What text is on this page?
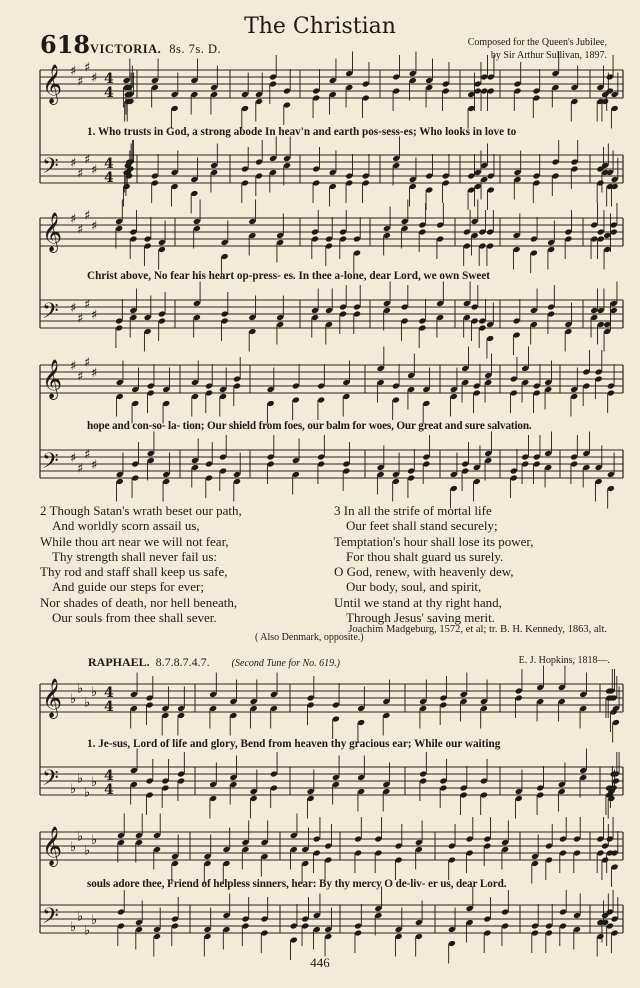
The Christian
618 VICTORIA. 8s. 7s. D.	Composed for the Queen's Jubilee,
by Sir Arthur Sullivan, 1897.
𝄞 ♯
♯
♯
♯ 4
4
𝄢 ♯
♯
♯
♯ 4
4
𝄞 ♯
♯
♯
♯
𝄢 ♯
♯
♯
♯
𝄞 ♯
♯
♯
♯
𝄢 ♯
♯
♯
♯
𝄞 ♭
♭
♭
♭ 4
4
𝄢 ♭
♭
♭
♭ 4
4
𝄞 ♭
♭
♭
♭
𝄢 ♭
♭
♭
♭
1. Who trusts in God, a strong abode In heav'n and earth pos-sess-es; Who looks in love to
Christ above, No fear his heart op-press- es. In thee a-lone, dear Lord, we own Sweet
hope and con-so- la- tion; Our shield from foes, our balm for woes, Our great and sure salvation.
2 Though Satan's wrath beset our path,
And worldly scorn assail us,
While thou art near we will not fear,
Thy strength shall never fail us:
Thy rod and staff shall keep us safe,
And guide our steps for ever;
Nor shades of death, nor hell beneath,
Our souls from thee shall sever.
3 In all the strife of mortal life
Our feet shall stand securely;
Temptation's hour shall lose its power,
For thou shalt guard us surely.
O God, renew, with heavenly dew,
Our body, soul, and spirit,
Until we stand at thy right hand,
Through Jesus' saving merit.
Joachim Madgeburg, 1572, et al; tr. B. H. Kennedy, 1863, alt.
( Also Denmark, opposite.)
RAPHAEL. 8.7.8.7.4.7. (Second Tune for No. 619.)	E. J. Hopkins, 1818—.
1. Je-sus, Lord of life and glory, Bend from heaven thy gracious ear; While our waiting
souls adore thee, Friend of helpless sinners, hear: By thy mercy O de-liv- er us, dear Lord.
446
